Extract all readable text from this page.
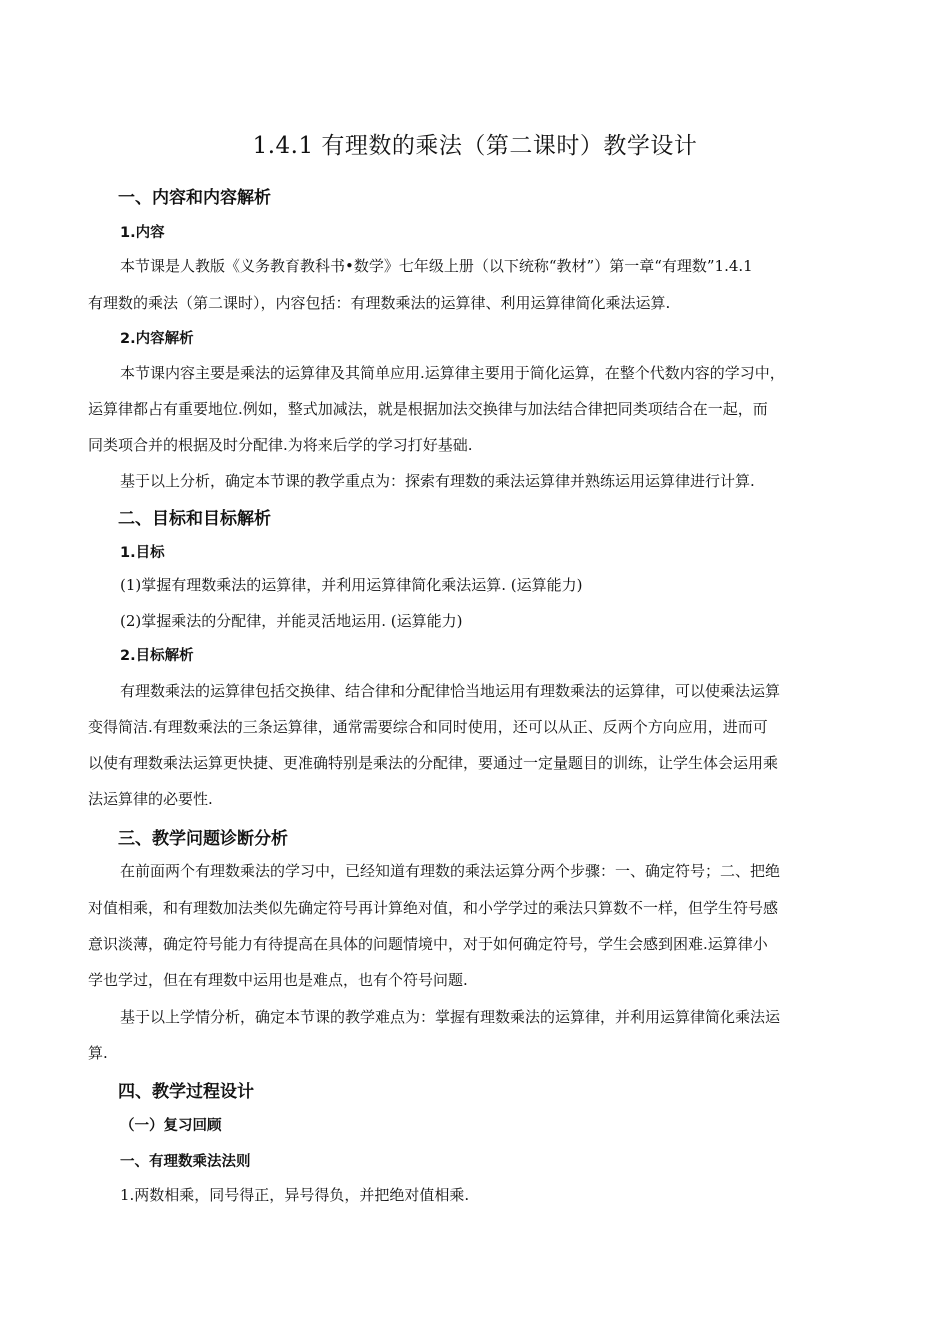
1.4.1 有理数的乘法（第二课时）教学设计
一、内容和内容解析
1.内容
本节课是人教版《义务教育教科书•数学》七年级上册（以下统称“教材”）第一章“有理数”1.4.1
有理数的乘法（第二课时），内容包括：有理数乘法的运算律、利用运算律简化乘法运算.
2.内容解析
本节课内容主要是乘法的运算律及其简单应用.运算律主要用于简化运算，在整个代数内容的学习中，
运算律都占有重要地位.例如，整式加减法，就是根据加法交换律与加法结合律把同类项结合在一起，而
同类项合并的根据及时分配律.为将来后学的学习打好基础.
基于以上分析，确定本节课的教学重点为：探索有理数的乘法运算律并熟练运用运算律进行计算.
二、目标和目标解析
1.目标
(1)掌握有理数乘法的运算律，并利用运算律简化乘法运算. (运算能力)
(2)掌握乘法的分配律，并能灵活地运用. (运算能力)
2.目标解析
有理数乘法的运算律包括交换律、结合律和分配律恰当地运用有理数乘法的运算律，可以使乘法运算
变得简洁.有理数乘法的三条运算律，通常需要综合和同时使用，还可以从正、反两个方向应用，进而可
以使有理数乘法运算更快捷、更准确特别是乘法的分配律，要通过一定量题目的训练，让学生体会运用乘
法运算律的必要性.
三、教学问题诊断分析
在前面两个有理数乘法的学习中，已经知道有理数的乘法运算分两个步骤：一、确定符号；二、把绝
对值相乘，和有理数加法类似先确定符号再计算绝对值，和小学学过的乘法只算数不一样，但学生符号感
意识淡薄，确定符号能力有待提高在具体的问题情境中，对于如何确定符号，学生会感到困难.运算律小
学也学过，但在有理数中运用也是难点，也有个符号问题.
基于以上学情分析，确定本节课的教学难点为：掌握有理数乘法的运算律，并利用运算律简化乘法运
算.
四、教学过程设计
（一）复习回顾
一、有理数乘法法则
1.两数相乘，同号得正，异号得负，并把绝对值相乘.
